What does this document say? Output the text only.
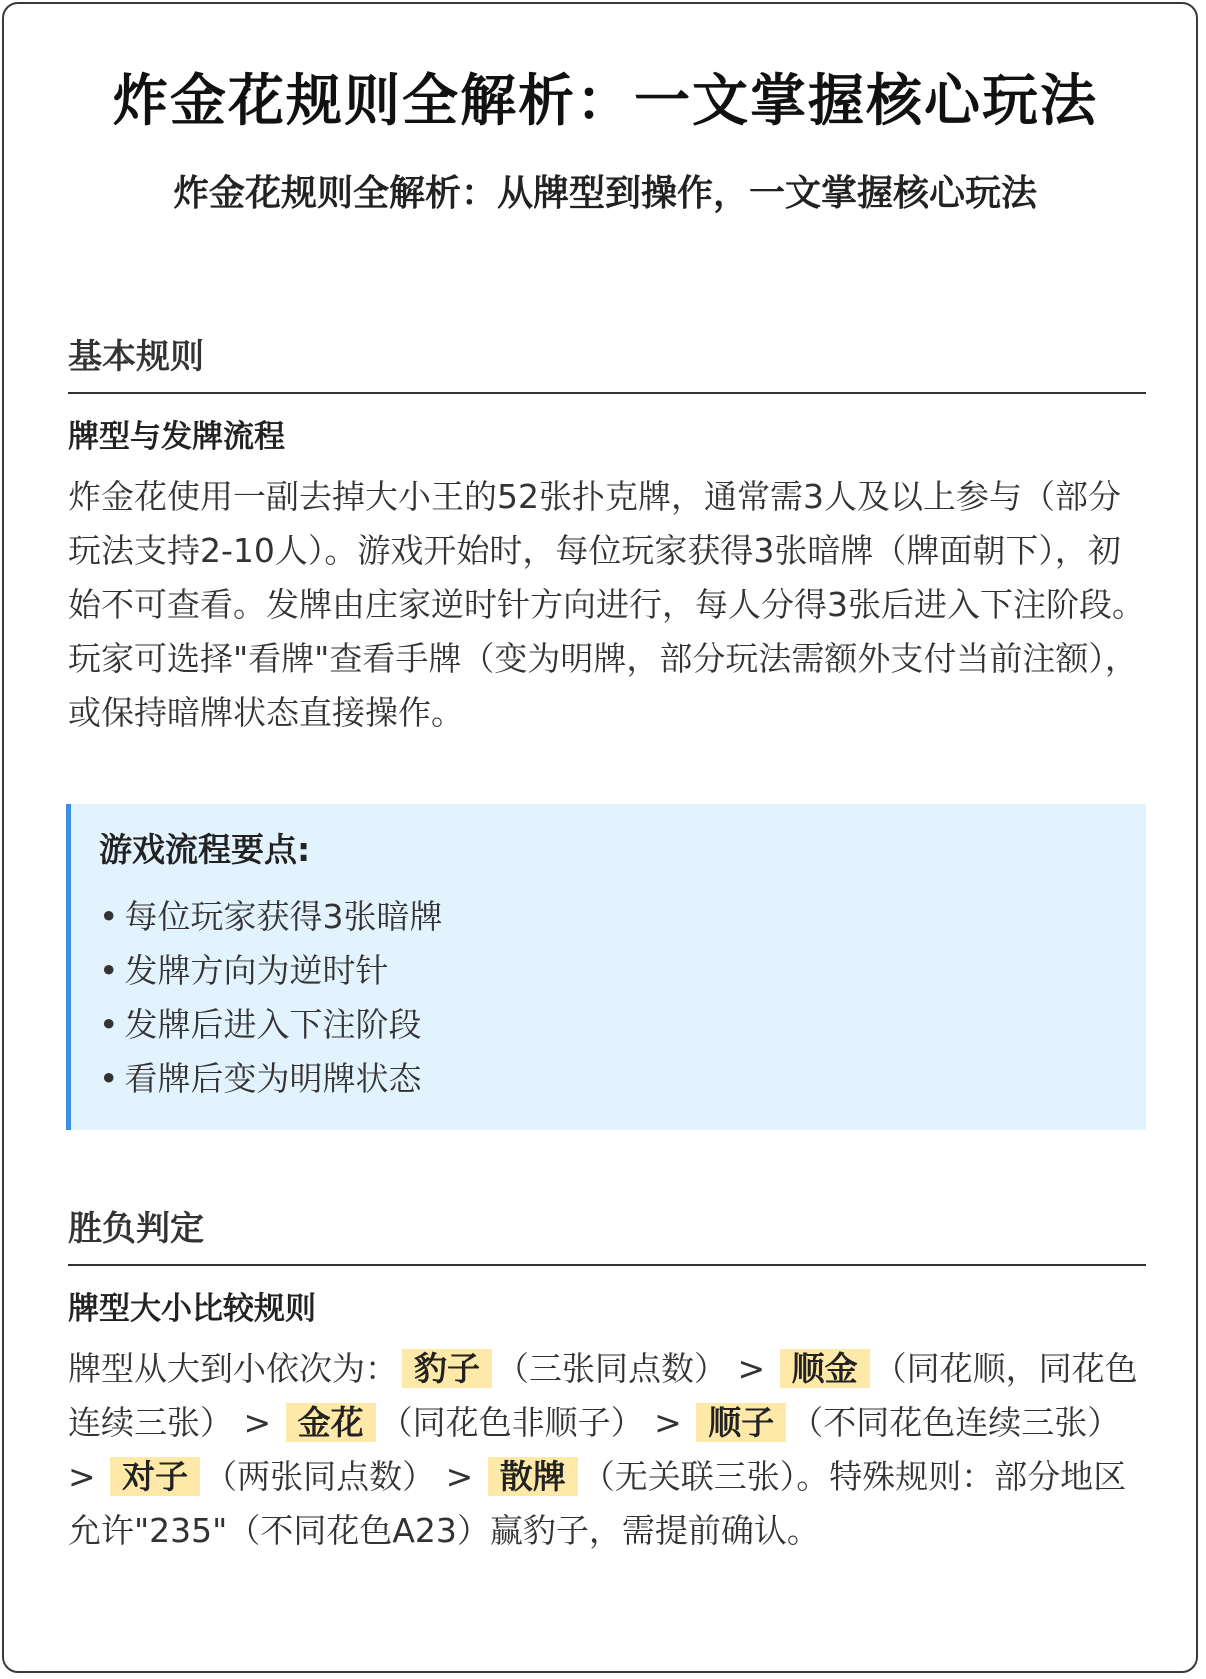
炸金花规则全解析：一文掌握核心玩法
炸金花规则全解析：从牌型到操作，一文掌握核心玩法
基本规则
牌型与发牌流程

炸金花使用一副去掉大小王的52张扑克牌，通常需3人及以上参与（部分玩法支持2-10人）。游戏开始时，每位玩家获得3张暗牌（牌面朝下），初始不可查看。发牌由庄家逆时针方向进行，每人分得3张后进入下注阶段。玩家可选择"看牌"查看手牌（变为明牌，部分玩法需额外支付当前注额），或保持暗牌状态直接操作。

游戏流程要点:

• 每位玩家获得3张暗牌
• 发牌方向为逆时针
• 发牌后进入下注阶段
• 看牌后变为明牌状态
胜负判定
牌型大小比较规则

牌型从大到小依次为： 豹子 （三张同点数） > 顺金 （同花顺，同花色连续三张） > 金花 （同花色非顺子） > 顺子 （不同花色连续三张） > 对子 （两张同点数） > 散牌 （无关联三张）。特殊规则：部分地区允许"235"（不同花色A23）赢豹子，需提前确认。
